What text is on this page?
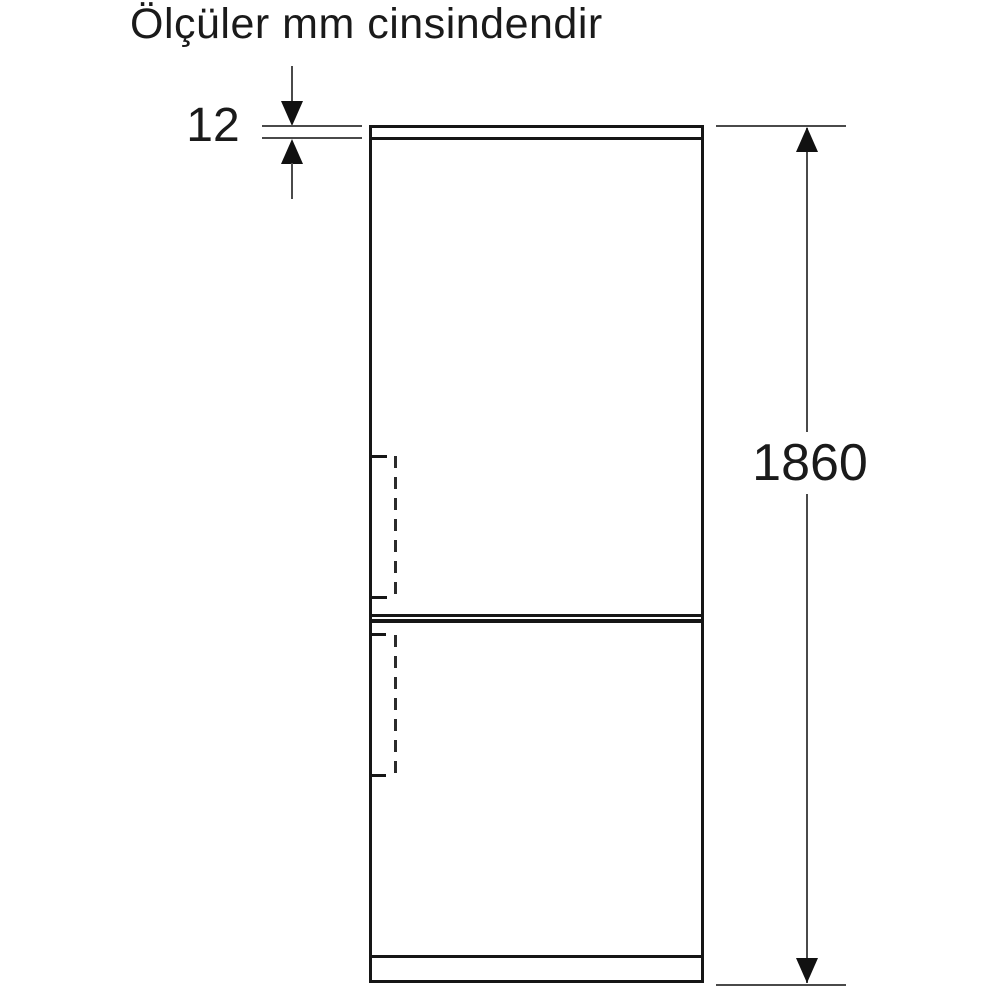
Ölçüler mm cinsindendir
12
1860
